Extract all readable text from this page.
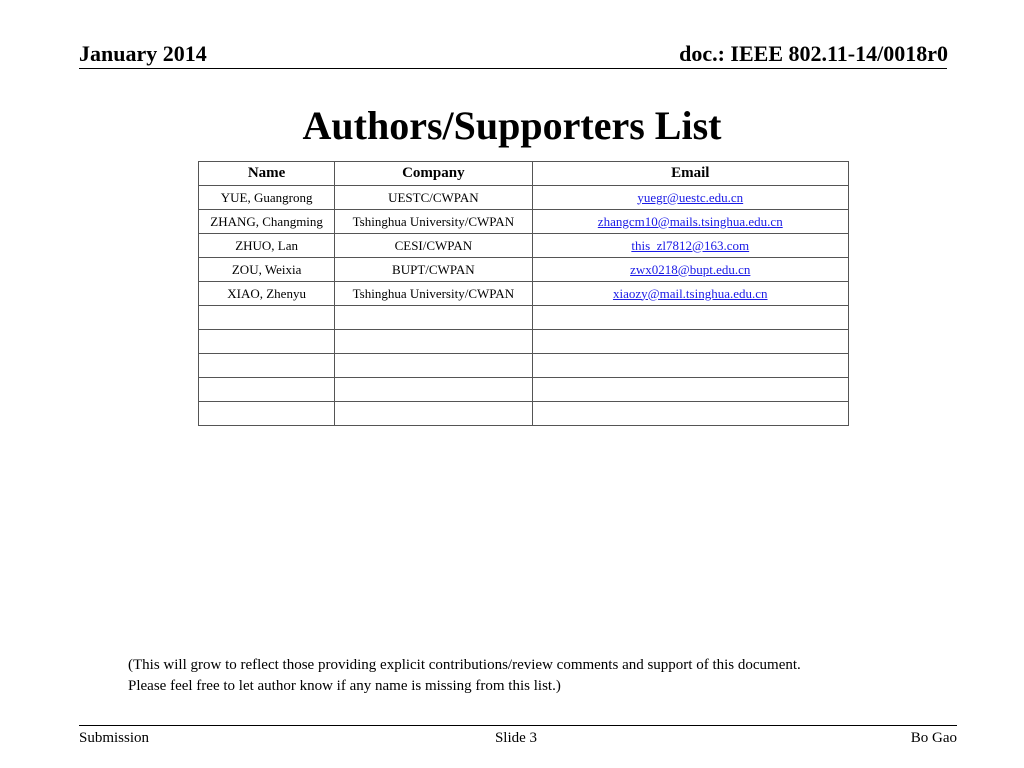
January 2014	doc.: IEEE 802.11-14/0018r0
Authors/Supporters List
Name	Company	Email
YUE, Guangrong	UESTC/CWPAN	yuegr@uestc.edu.cn
ZHANG, Changming	Tshinghua University/CWPAN	zhangcm10@mails.tsinghua.edu.cn
ZHUO, Lan	CESI/CWPAN	this_zl7812@163.com
ZOU, Weixia	BUPT/CWPAN	zwx0218@bupt.edu.cn
XIAO, Zhenyu	Tshinghua University/CWPAN	xiaozy@mail.tsinghua.edu.cn

(This will grow to reflect those providing explicit contributions/review comments and support of this document.

Please feel free to let author know if any name is missing from this list.)

Submission	Slide 3	Bo Gao
